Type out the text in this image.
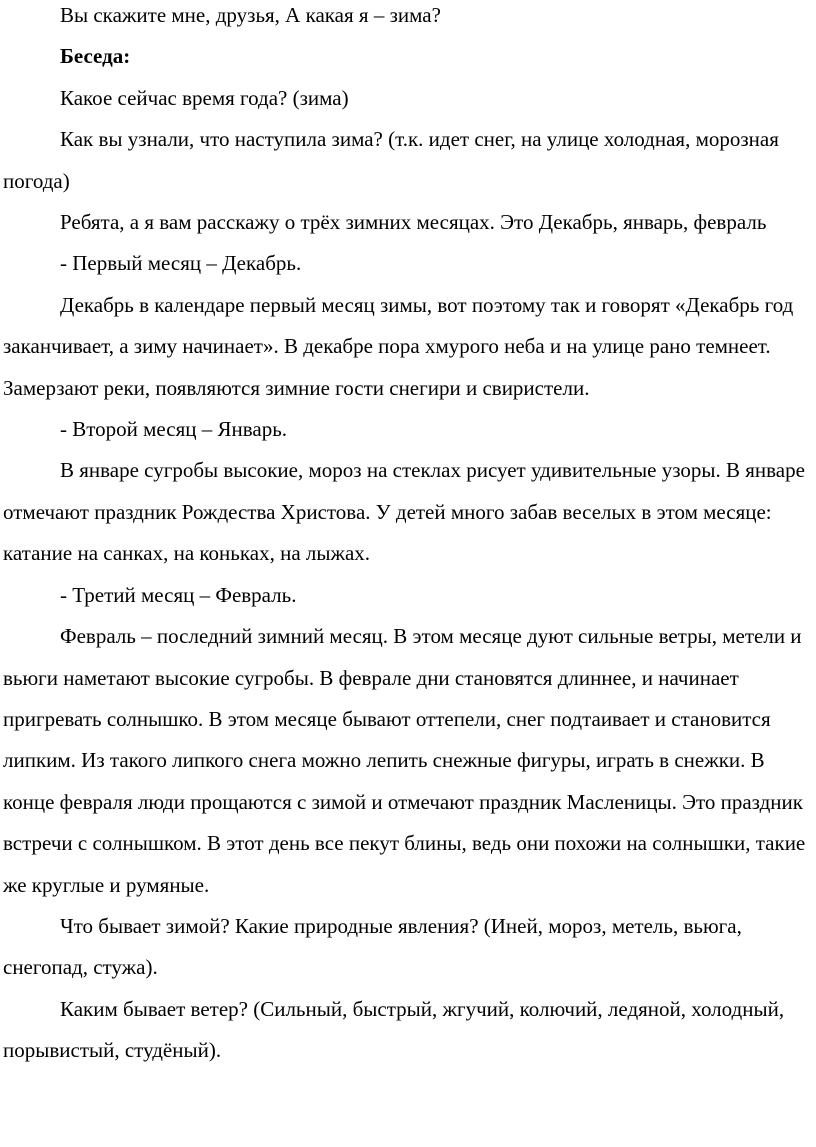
Вы скажите мне, друзья, А какая я – зима?

Беседа:

Какое сейчас время года? (зима)

Как вы узнали, что наступила зима? (т.к. идет снег, на улице холодная, морозная погода)

Ребята, а я вам расскажу о трёх зимних месяцах. Это Декабрь, январь, февраль

- Первый месяц – Декабрь.

Декабрь в календаре первый месяц зимы, вот поэтому так и говорят «Декабрь год заканчивает, а зиму начинает». В декабре пора хмурого неба и на улице рано темнеет. Замерзают реки, появляются зимние гости снегири и свиристели.

- Второй месяц – Январь.

В январе сугробы высокие, мороз на стеклах рисует удивительные узоры. В январе отмечают праздник Рождества Христова. У детей много забав веселых в этом месяце: катание на санках, на коньках, на лыжах.

- Третий месяц – Февраль.

Февраль – последний зимний месяц. В этом месяце дуют сильные ветры, метели и вьюги наметают высокие сугробы. В феврале дни становятся длиннее, и начинает пригревать солнышко. В этом месяце бывают оттепели, снег подтаивает и становится липким. Из такого липкого снега можно лепить снежные фигуры, играть в снежки. В конце февраля люди прощаются с зимой и отмечают праздник Масленицы. Это праздник встречи с солнышком. В этот день все пекут блины, ведь они похожи на солнышки, такие же круглые и румяные.

Что бывает зимой? Какие природные явления? (Иней, мороз, метель, вьюга, снегопад, стужа).

Каким бывает ветер? (Сильный, быстрый, жгучий, колючий, ледяной, холодный, порывистый, студёный).
